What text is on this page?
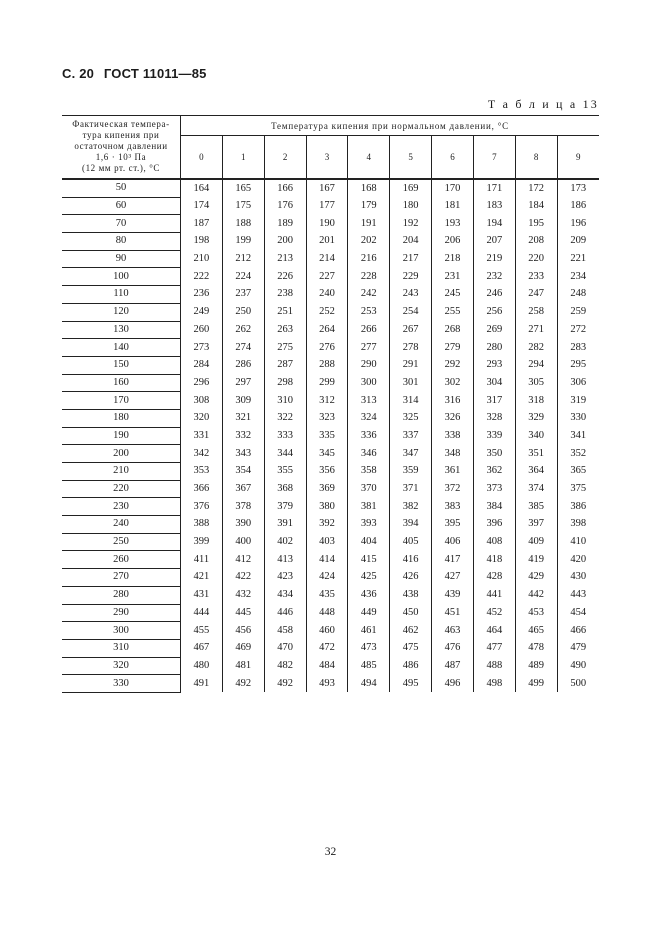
С. 20 ГОСТ 11011—85
Т а б л и ц а 13
Фактическая темпера-
тура кипения при
остаточном давлении
1,6 · 10³ Па
(12 мм рт. ст.), °С	Температура кипения при нормальном давлении, °С									
	0	1	2	3	4	5	6	7	8	9
50	164	165	166	167	168	169	170	171	172	173
60	174	175	176	177	179	180	181	183	184	186
70	187	188	189	190	191	192	193	194	195	196
80	198	199	200	201	202	204	206	207	208	209
90	210	212	213	214	216	217	218	219	220	221
100	222	224	226	227	228	229	231	232	233	234
110	236	237	238	240	242	243	245	246	247	248
120	249	250	251	252	253	254	255	256	258	259
130	260	262	263	264	266	267	268	269	271	272
140	273	274	275	276	277	278	279	280	282	283
150	284	286	287	288	290	291	292	293	294	295
160	296	297	298	299	300	301	302	304	305	306
170	308	309	310	312	313	314	316	317	318	319
180	320	321	322	323	324	325	326	328	329	330
190	331	332	333	335	336	337	338	339	340	341
200	342	343	344	345	346	347	348	350	351	352
210	353	354	355	356	358	359	361	362	364	365
220	366	367	368	369	370	371	372	373	374	375
230	376	378	379	380	381	382	383	384	385	386
240	388	390	391	392	393	394	395	396	397	398
250	399	400	402	403	404	405	406	408	409	410
260	411	412	413	414	415	416	417	418	419	420
270	421	422	423	424	425	426	427	428	429	430
280	431	432	434	435	436	438	439	441	442	443
290	444	445	446	448	449	450	451	452	453	454
300	455	456	458	460	461	462	463	464	465	466
310	467	469	470	472	473	475	476	477	478	479
320	480	481	482	484	485	486	487	488	489	490
330	491	492	492	493	494	495	496	498	499	500
32
